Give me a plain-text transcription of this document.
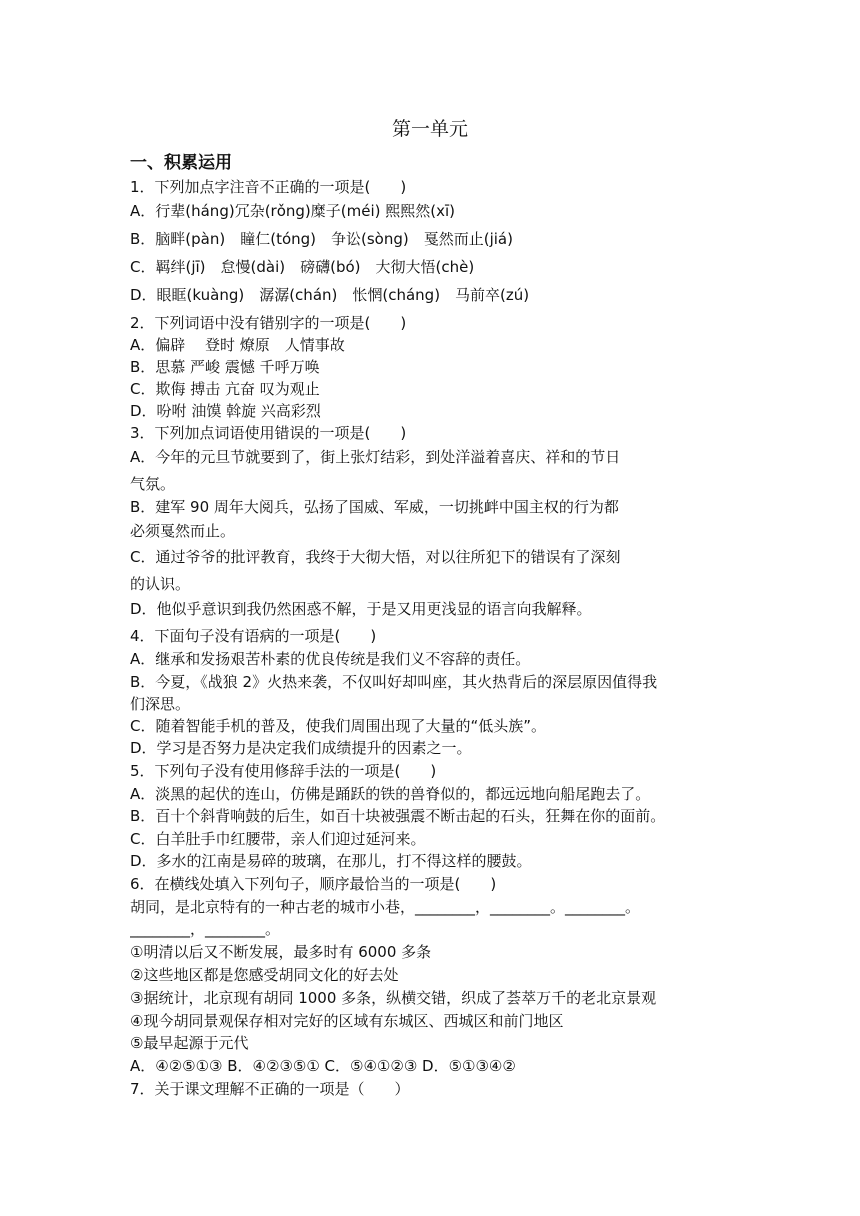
第一单元
一、积累运用
1．下列加点字注音不正确的一项是(　　)
A．行辈(háng)冗杂(rǒng)糜子(méi) 熙熙然(xī)
B．脑畔(pàn)　瞳仁(tóng)　争讼(sòng)　戛然而止(jiá)
C．羁绊(jī)　怠慢(dài)　磅礴(bó)　大彻大悟(chè)
D．眼眶(kuàng)　潺潺(chán)　怅惘(cháng)　马前卒(zú)
2．下列词语中没有错别字的一项是(　　)
A．偏辟　 登时 燎原　人情事故
B．思慕 严峻 震憾 千呼万唤
C．欺侮 搏击 亢奋 叹为观止
D．吩咐 油馍 斡旋 兴高彩烈
3．下列加点词语使用错误的一项是(　　)
A．今年的元旦节就要到了，街上张灯结彩，到处洋溢着喜庆、祥和的节日
气氛。
B．建军 90 周年大阅兵，弘扬了国威、军威，一切挑衅中国主权的行为都
必须戛然而止。
C．通过爷爷的批评教育，我终于大彻大悟，对以往所犯下的错误有了深刻
的认识。
D．他似乎意识到我仍然困惑不解，于是又用更浅显的语言向我解释。
4．下面句子没有语病的一项是(　　)
A．继承和发扬艰苦朴素的优良传统是我们义不容辞的责任。
B．今夏，《战狼 2》火热来袭，不仅叫好却叫座，其火热背后的深层原因值得我
们深思。
C．随着智能手机的普及，使我们周围出现了大量的“低头族”。
D．学习是否努力是决定我们成绩提升的因素之一。
5．下列句子没有使用修辞手法的一项是(　　)
A．淡黑的起伏的连山，仿佛是踊跃的铁的兽脊似的，都远远地向船尾跑去了。
B．百十个斜背响鼓的后生，如百十块被强震不断击起的石头，狂舞在你的面前。
C．白羊肚手巾红腰带，亲人们迎过延河来。
D．多水的江南是易碎的玻璃，在那儿，打不得这样的腰鼓。
6．在横线处填入下列句子，顺序最恰当的一项是(　　)
胡同，是北京特有的一种古老的城市小巷，________，________。________。
________，________。
①明清以后又不断发展，最多时有 6000 多条
②这些地区都是您感受胡同文化的好去处
③据统计，北京现有胡同 1000 多条，纵横交错，织成了荟萃万千的老北京景观
④现今胡同景观保存相对完好的区域有东城区、西城区和前门地区
⑤最早起源于元代
A．④②⑤①③ B．④②③⑤① C．⑤④①②③ D．⑤①③④②
7．关于课文理解不正确的一项是（　　）
